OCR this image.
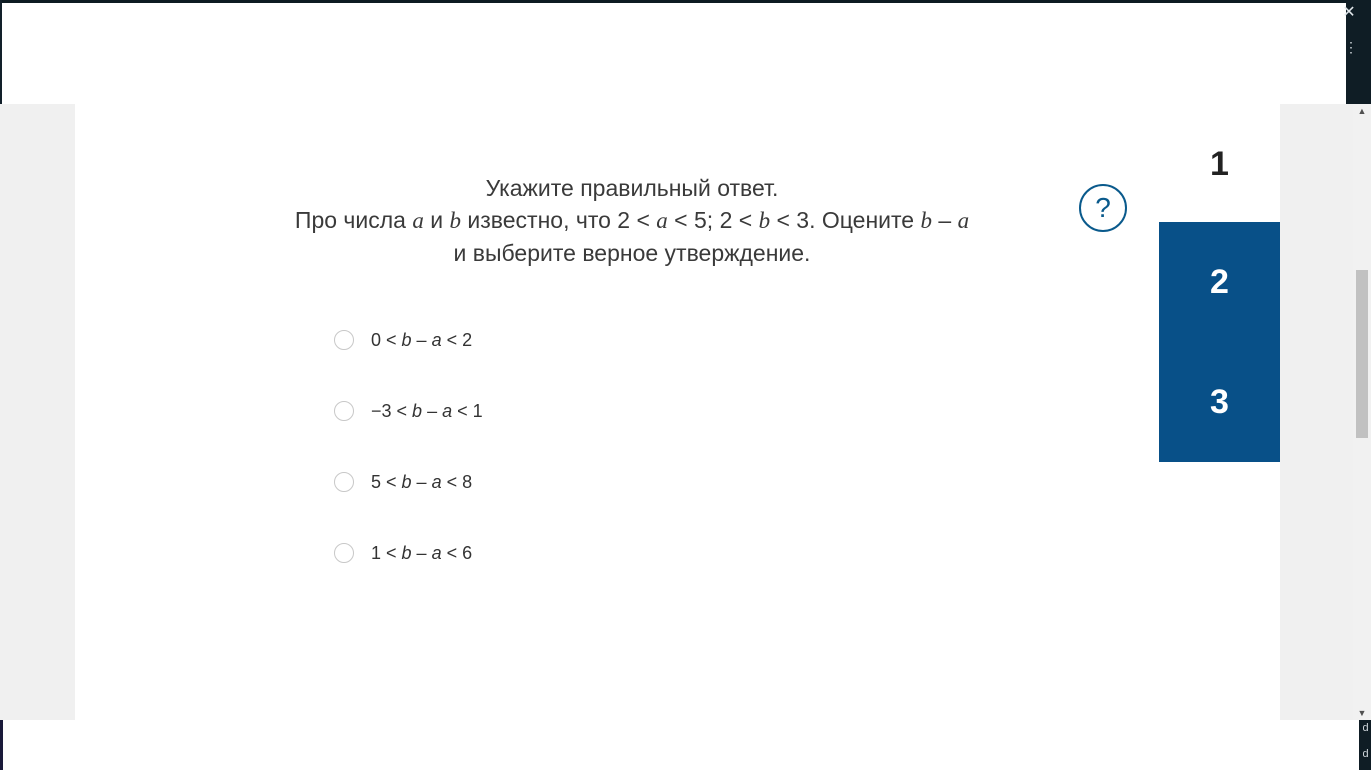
✕
⋮
Укажите правильный ответ.
Про числа a и b известно, что 2 < a < 5; 2 < b < 3. Оцените b – a
и выберите верное утверждение.
?
0 < b – a < 2
−3 < b – a < 1
5 < b – a < 8
1 < b – a < 6
1
2
3
▲
▼
d
d
